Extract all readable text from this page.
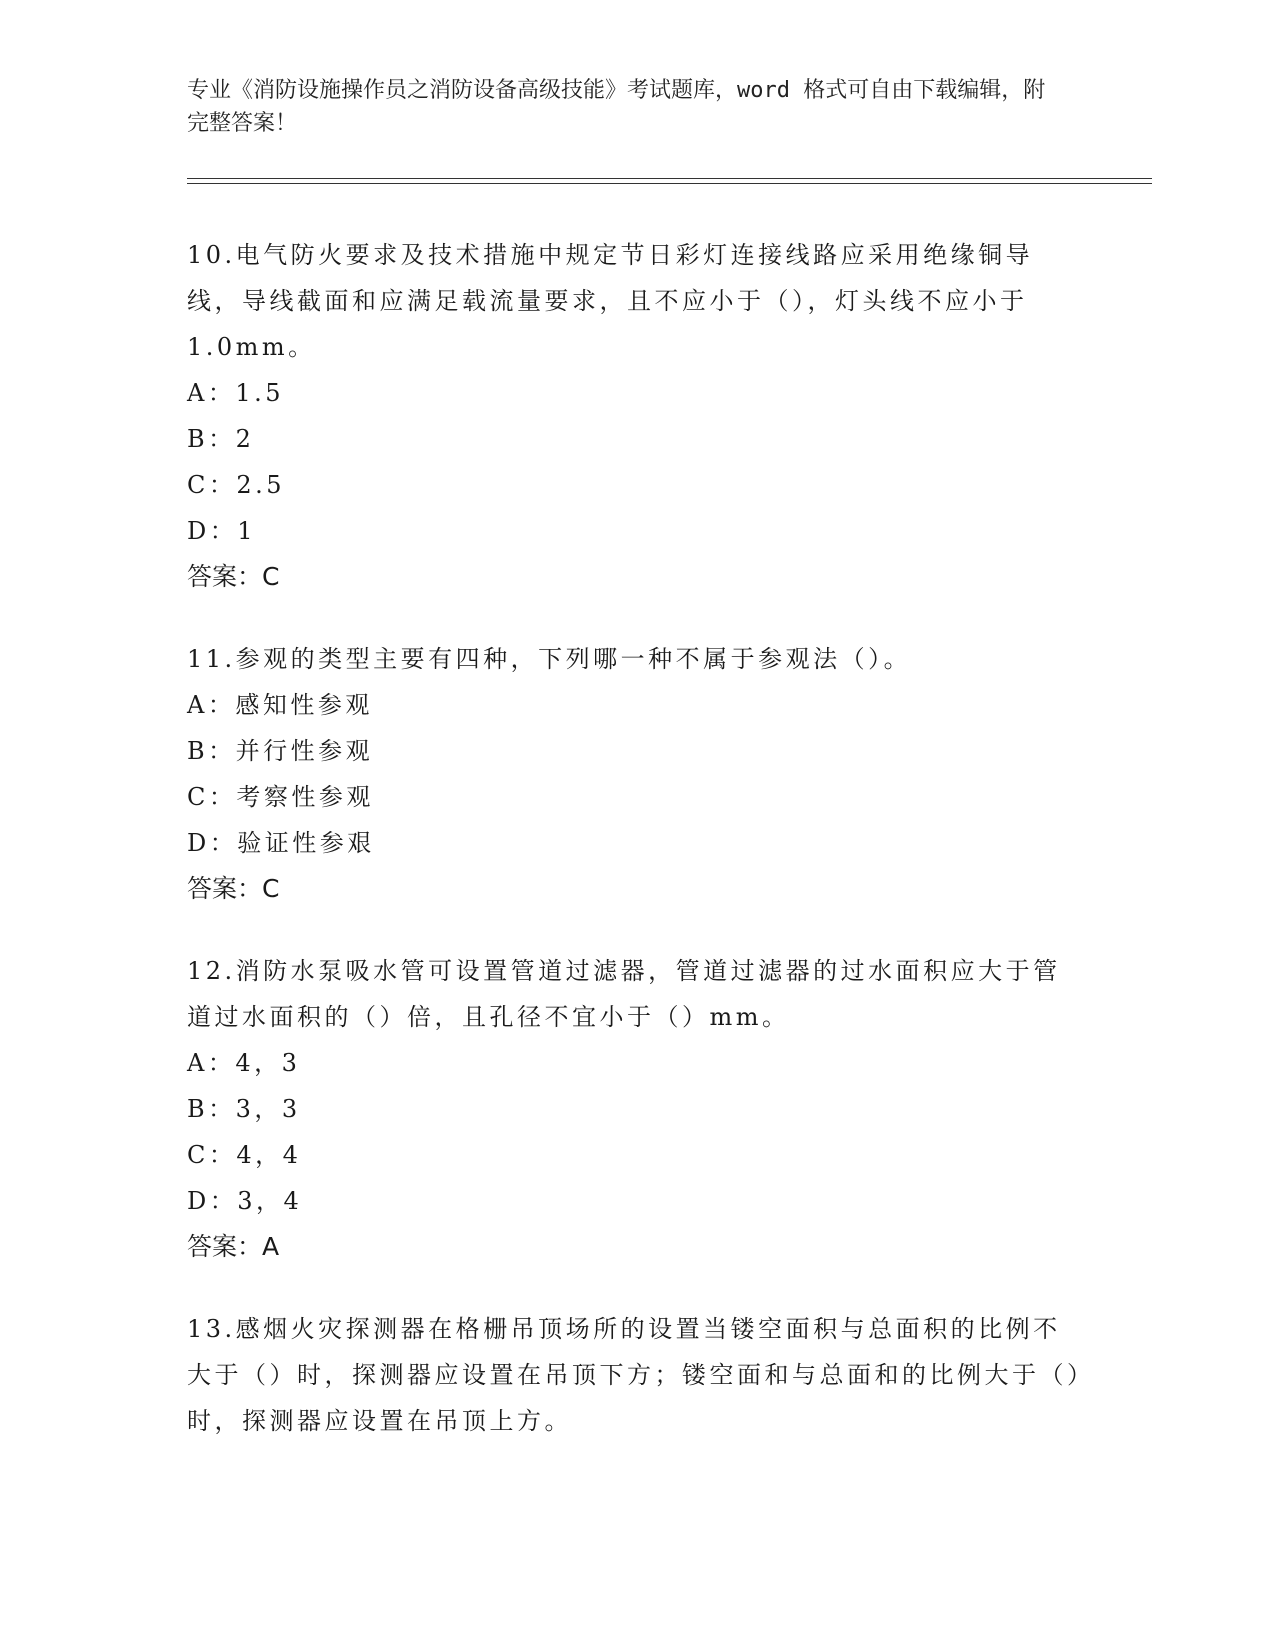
专业《消防设施操作员之消防设备高级技能》考试题库，word 格式可自由下载编辑，附完整答案！

10.电气防火要求及技术措施中规定节日彩灯连接线路应采用绝缘铜导线，导线截面和应满足载流量要求，且不应小于（），灯头线不应小于1.0mm。

A：1.5
B：2
C：2.5
D：1

答案：C

11.参观的类型主要有四种，下列哪一种不属于参观法（）。

A：感知性参观
B：并行性参观
C：考察性参观
D：验证性参艰

答案：C

12.消防水泵吸水管可设置管道过滤器，管道过滤器的过水面积应大于管道过水面积的（）倍，且孔径不宜小于（）mm。

A：4，3
B：3，3
C：4，4
D：3，4

答案：A

13.感烟火灾探测器在格栅吊顶场所的设置当镂空面积与总面积的比例不大于（）时，探测器应设置在吊顶下方；镂空面和与总面和的比例大于（）时，探测器应设置在吊顶上方。
